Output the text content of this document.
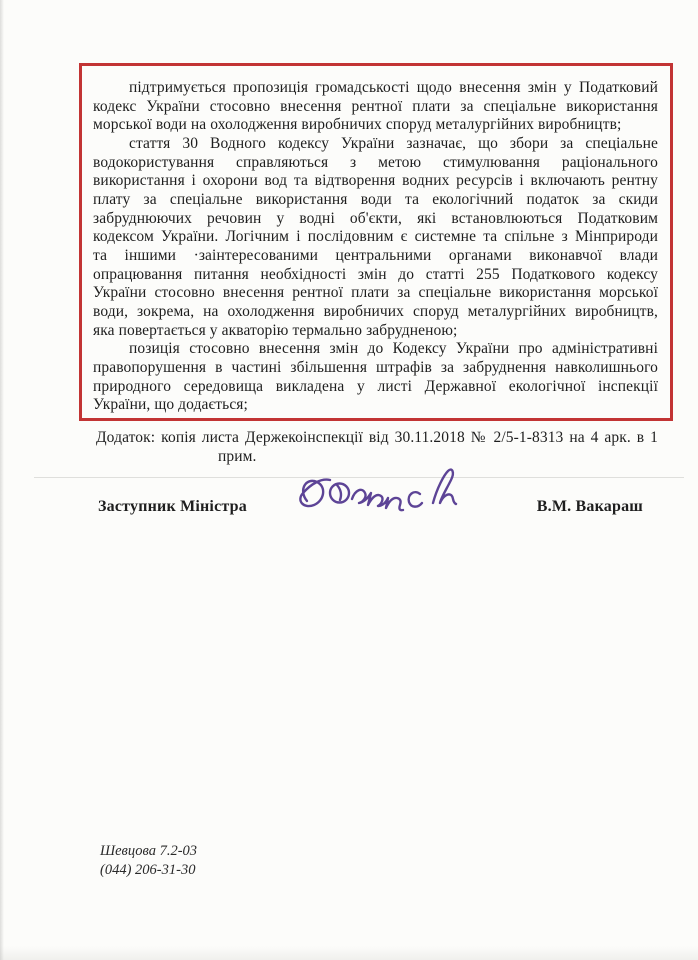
підтримується пропозиція громадськості щодо внесення змін у Податковий
кодекс України стосовно внесення рентної плати за спеціальне використання
морської води на охолодження виробничих споруд металургійних виробництв;
стаття 30 Водного кодексу України зазначає, що збори за спеціальне
водокористування справляються з метою стимулювання раціонального
використання і охорони вод та відтворення водних ресурсів і включають рентну
плату за спеціальне використання води та екологічний податок за скиди
забруднюючих речовин у водні об'єкти, які встановлюються Податковим
кодексом України. Логічним і послідовним є системне та спільне з Мінприроди
та іншими ·заінтересованими центральними органами виконавчої влади
опрацювання питання необхідності змін до статті 255 Податкового кодексу
України стосовно внесення рентної плати за спеціальне використання морської
води, зокрема, на охолодження виробничих споруд металургійних виробництв,
яка повертається у акваторію термально забрудненою;
позиція стосовно внесення змін до Кодексу України про адміністративні
правопорушення в частині збільшення штрафів за забруднення навколишнього
природного середовища викладена у листі Державної екологічної інспекції
України, що додається;
Додаток: копія листа Держекоінспекції від 30.11.2018 № 2/5-1-8313 на 4 арк. в 1
прим.
Заступник Міністра	В.М. Вакараш
Шевцова 7.2-03
(044) 206-31-30
